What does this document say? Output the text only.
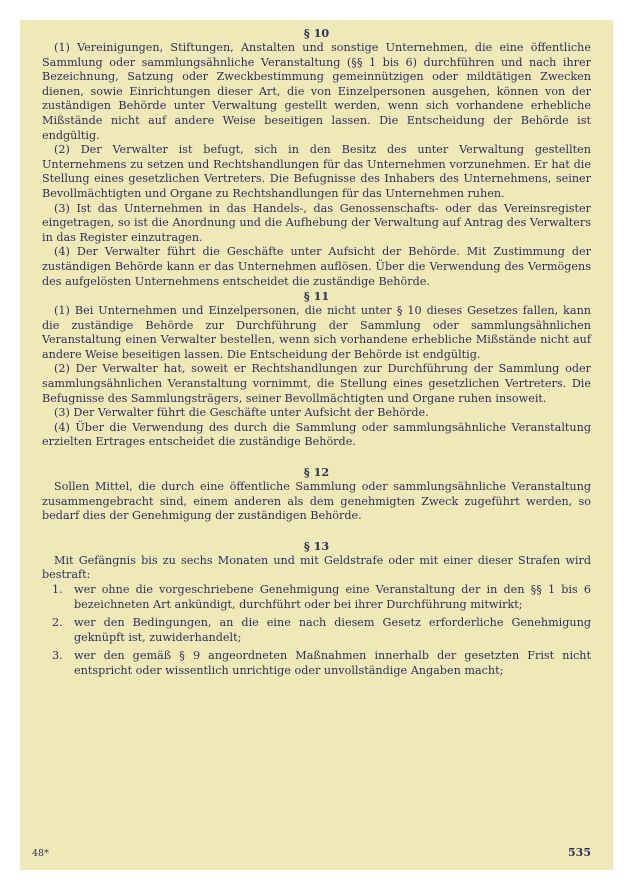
§ 10

(1) Vereinigungen, Stiftungen, Anstalten und sonstige Unternehmen, die eine öffentliche Sammlung oder sammlungsähnliche Veranstaltung (§§ 1 bis 6) durchführen und nach ihrer Bezeichnung, Satzung oder Zweckbestimmung gemeinnützigen oder mildtätigen Zwecken dienen, sowie Einrichtungen dieser Art, die von Einzelpersonen ausgehen, können von der zuständigen Behörde unter Verwaltung gestellt werden, wenn sich vorhandene erhebliche Mißstände nicht auf andere Weise beseitigen lassen. Die Entscheidung der Behörde ist endgültig.

(2) Der Verwalter ist befugt, sich in den Besitz des unter Verwaltung gestellten Unternehmens zu setzen und Rechtshandlungen für das Unternehmen vorzunehmen. Er hat die Stellung eines gesetzlichen Vertreters. Die Befugnisse des Inhabers des Unternehmens, seiner Bevollmächtigten und Organe zu Rechtshandlungen für das Unternehmen ruhen.

(3) Ist das Unternehmen in das Handels-, das Genossenschafts- oder das Vereinsregister eingetragen, so ist die Anordnung und die Aufhebung der Verwaltung auf Antrag des Verwalters in das Register einzutragen.

(4) Der Verwalter führt die Geschäfte unter Aufsicht der Behörde. Mit Zustimmung der zuständigen Behörde kann er das Unternehmen auflösen. Über die Verwendung des Vermögens des aufgelösten Unternehmens entscheidet die zuständige Behörde.

§ 11

(1) Bei Unternehmen und Einzelpersonen, die nicht unter § 10 dieses Gesetzes fallen, kann die zuständige Behörde zur Durchführung der Sammlung oder sammlungsähnlichen Veranstaltung einen Verwalter bestellen, wenn sich vorhandene erhebliche Mißstände nicht auf andere Weise beseitigen lassen. Die Entscheidung der Behörde ist endgültig.

(2) Der Verwalter hat, soweit er Rechtshandlungen zur Durchführung der Sammlung oder sammlungsähnlichen Veranstaltung vornimmt, die Stellung eines gesetzlichen Vertreters. Die Befugnisse des Sammlungsträgers, seiner Bevollmächtigten und Organe ruhen insoweit.

(3) Der Verwalter führt die Geschäfte unter Aufsicht der Behörde.

(4) Über die Verwendung des durch die Sammlung oder sammlungsähnliche Veranstaltung erzielten Ertrages entscheidet die zuständige Behörde.

§ 12

Sollen Mittel, die durch eine öffentliche Sammlung oder sammlungsähnliche Veranstaltung zusammengebracht sind, einem anderen als dem genehmigten Zweck zugeführt werden, so bedarf dies der Genehmigung der zuständigen Behörde.

§ 13

Mit Gefängnis bis zu sechs Monaten und mit Geldstrafe oder mit einer dieser Strafen wird bestraft:

1.	wer ohne die vorgeschriebene Genehmigung eine Veranstaltung der in den §§ 1 bis 6 bezeichneten Art ankündigt, durchführt oder bei ihrer Durchführung mitwirkt;
2.	wer den Bedingungen, an die eine nach diesem Gesetz erforderliche Genehmigung geknüpft ist, zuwiderhandelt;
3.	wer den gemäß § 9 angeordneten Maßnahmen innerhalb der gesetzten Frist nicht entspricht oder wissentlich unrichtige oder unvollständige Angaben macht;
48*	535
